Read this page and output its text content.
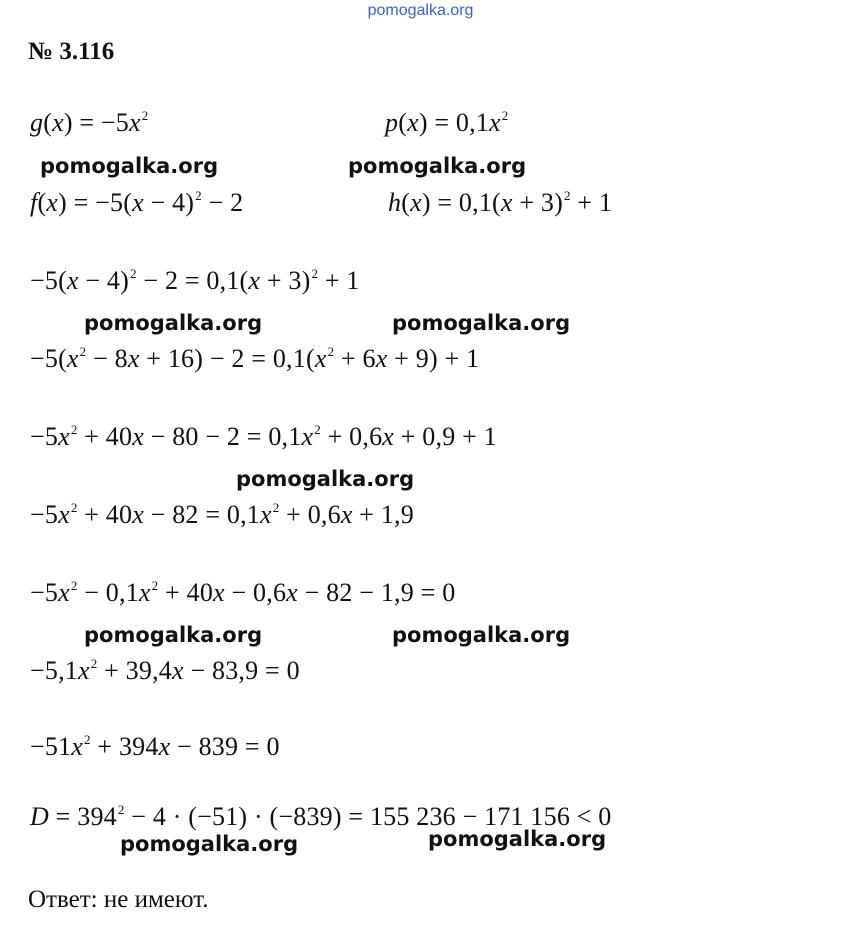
pomogalka.org
№ 3.116
$g(x) = -5x^2$	$p(x) = 0,1x^2$
pomogalka.org	pomogalka.org
$f(x) = -5(x - 4)^2 - 2$	$h(x) = 0,1(x + 3)^2 + 1$
$-5(x - 4)^2 - 2 = 0,1(x + 3)^2 + 1$
pomogalka.org	pomogalka.org
$-5(x^2 - 8x + 16) - 2 = 0,1(x^2 + 6x + 9) + 1$
$-5x^2 + 40x - 80 - 2 = 0,1x^2 + 0,6x + 0,9 + 1$
pomogalka.org
$-5x^2 + 40x - 82 = 0,1x^2 + 0,6x + 1,9$
$-5x^2 - 0,1x^2 + 40x - 0,6x - 82 - 1,9 = 0$
pomogalka.org	pomogalka.org
$-5,1x^2 + 39,4x - 83,9 = 0$
$-51x^2 + 394x - 839 = 0$
$D = 394^2 - 4 \cdot (-51) \cdot (-839) = 155$ 236 − 171 156 < 0
pomogalka.org	pomogalka.org
Ответ: не имеют.
